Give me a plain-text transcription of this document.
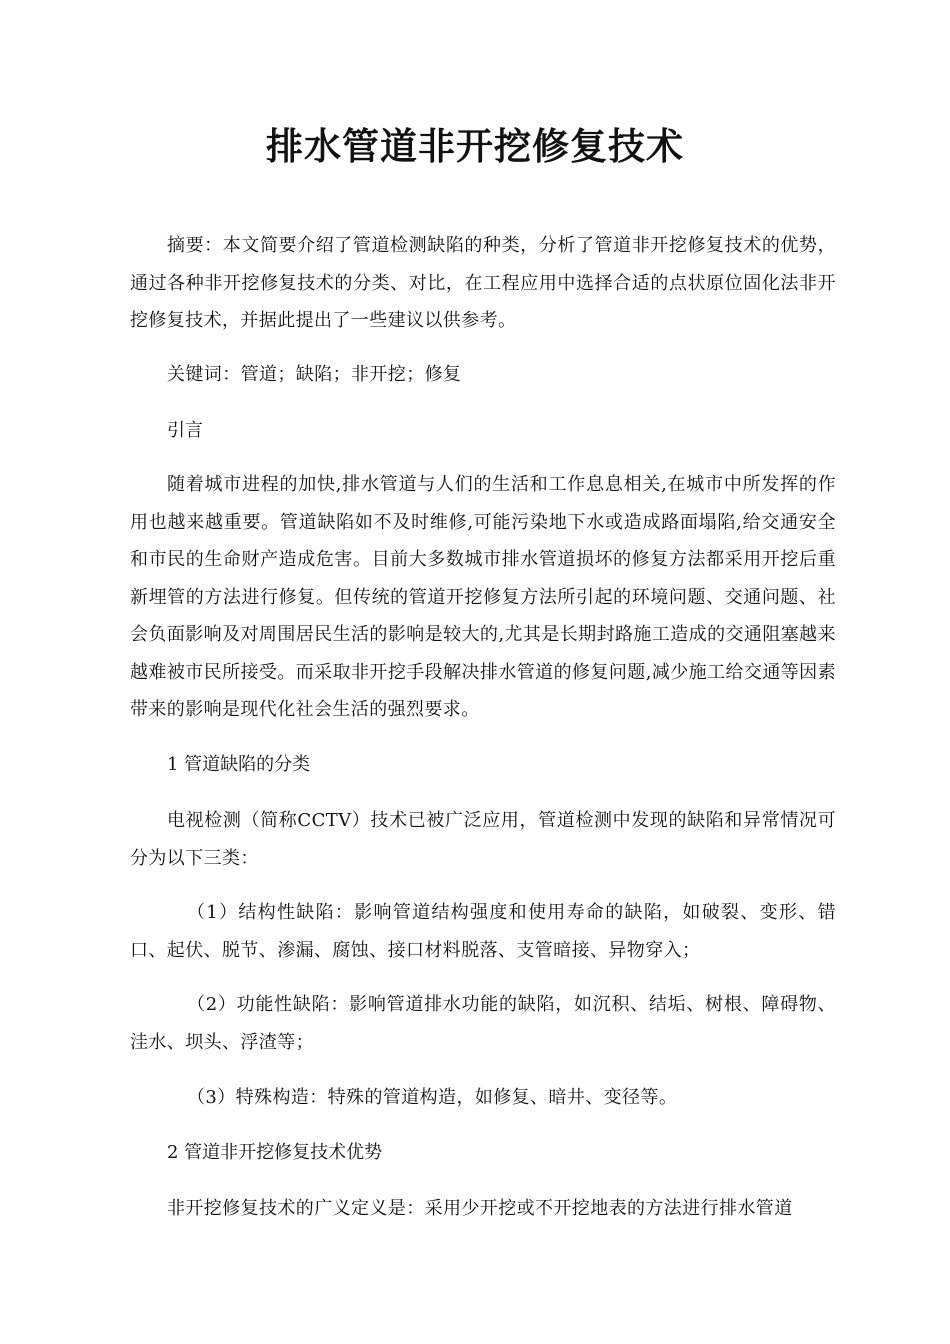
排水管道非开挖修复技术

摘要：本文简要介绍了管道检测缺陷的种类，分析了管道非开挖修复技术的优势，通过各种非开挖修复技术的分类、对比，在工程应用中选择合适的点状原位固化法非开挖修复技术，并据此提出了一些建议以供参考。

关键词：管道；缺陷；非开挖；修复

引言

随着城市进程的加快,排水管道与人们的生活和工作息息相关,在城市中所发挥的作用也越来越重要。管道缺陷如不及时维修,可能污染地下水或造成路面塌陷,给交通安全和市民的生命财产造成危害。目前大多数城市排水管道损坏的修复方法都采用开挖后重新埋管的方法进行修复。但传统的管道开挖修复方法所引起的环境问题、交通问题、社会负面影响及对周围居民生活的影响是较大的,尤其是长期封路施工造成的交通阻塞越来越难被市民所接受。而采取非开挖手段解决排水管道的修复问题,减少施工给交通等因素带来的影响是现代化社会生活的强烈要求。

1 管道缺陷的分类

电视检测（简称CCTV）技术已被广泛应用，管道检测中发现的缺陷和异常情况可分为以下三类：

（1）结构性缺陷：影响管道结构强度和使用寿命的缺陷，如破裂、变形、错口、起伏、脱节、渗漏、腐蚀、接口材料脱落、支管暗接、异物穿入；

（2）功能性缺陷：影响管道排水功能的缺陷，如沉积、结垢、树根、障碍物、洼水、坝头、浮渣等；

（3）特殊构造：特殊的管道构造，如修复、暗井、变径等。

2 管道非开挖修复技术优势

非开挖修复技术的广义定义是：采用少开挖或不开挖地表的方法进行排水管道
